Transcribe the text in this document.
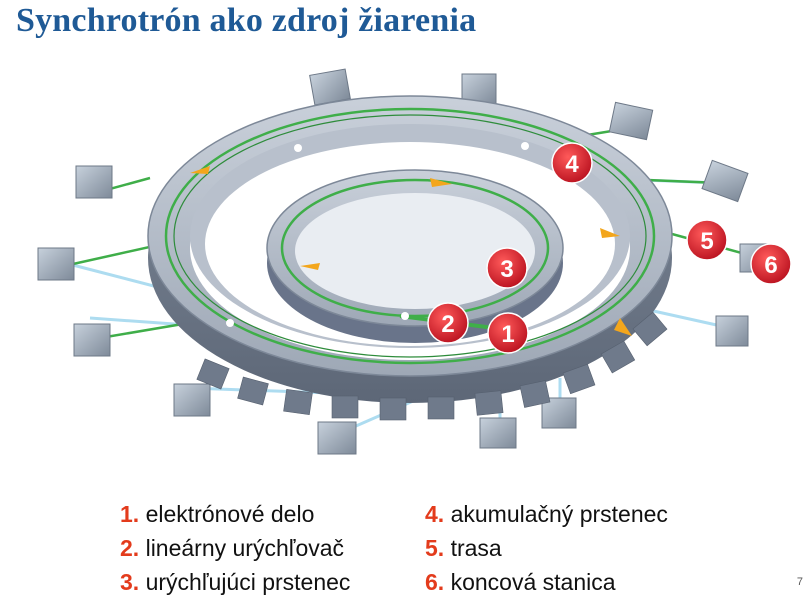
Synchrotrón ako zdroj žiarenia
1
2
3
4
5
6
1. elektrónové delo
2. lineárny urýchľovač
3. urýchľujúci prstenec
4. akumulačný prstenec
5. trasa
6. koncová stanica	7
